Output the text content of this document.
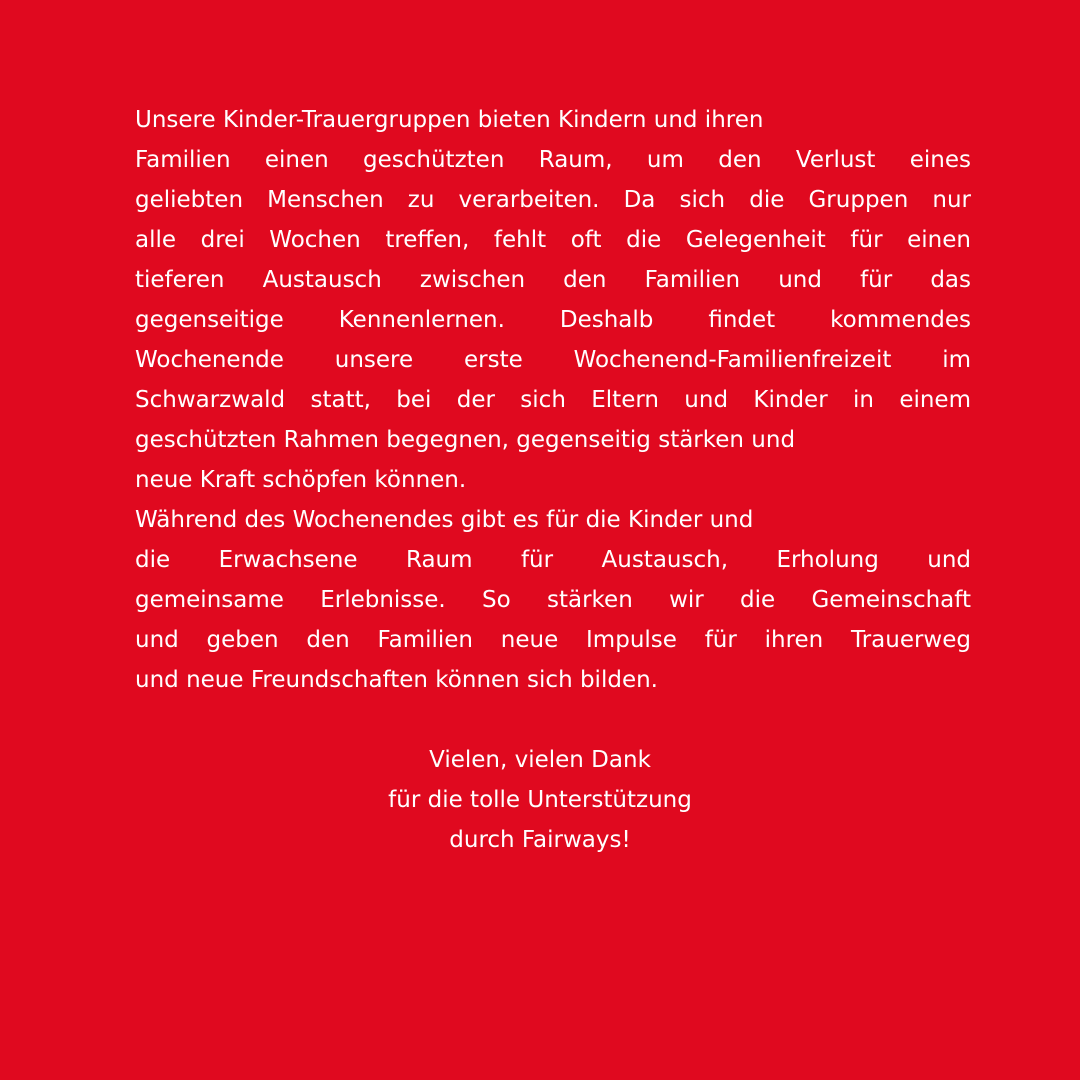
Unsere Kinder-Trauergruppen bieten Kindern und ihren
Familien einen geschützten Raum, um den Verlust eines
geliebten Menschen zu verarbeiten. Da sich die Gruppen nur
alle drei Wochen treffen, fehlt oft die Gelegenheit für einen
tieferen Austausch zwischen den Familien und für das
gegenseitige Kennenlernen. Deshalb findet kommendes
Wochenende unsere erste Wochenend-Familienfreizeit im
Schwarzwald statt, bei der sich Eltern und Kinder in einem
geschützten Rahmen begegnen, gegenseitig stärken und
neue Kraft schöpfen können.
Während des Wochenendes gibt es für die Kinder und
die Erwachsene Raum für Austausch, Erholung und
gemeinsame Erlebnisse. So stärken wir die Gemeinschaft
und geben den Familien neue Impulse für ihren Trauerweg
und neue Freundschaften können sich bilden.
Vielen, vielen Dank
für die tolle Unterstützung
durch Fairways!
